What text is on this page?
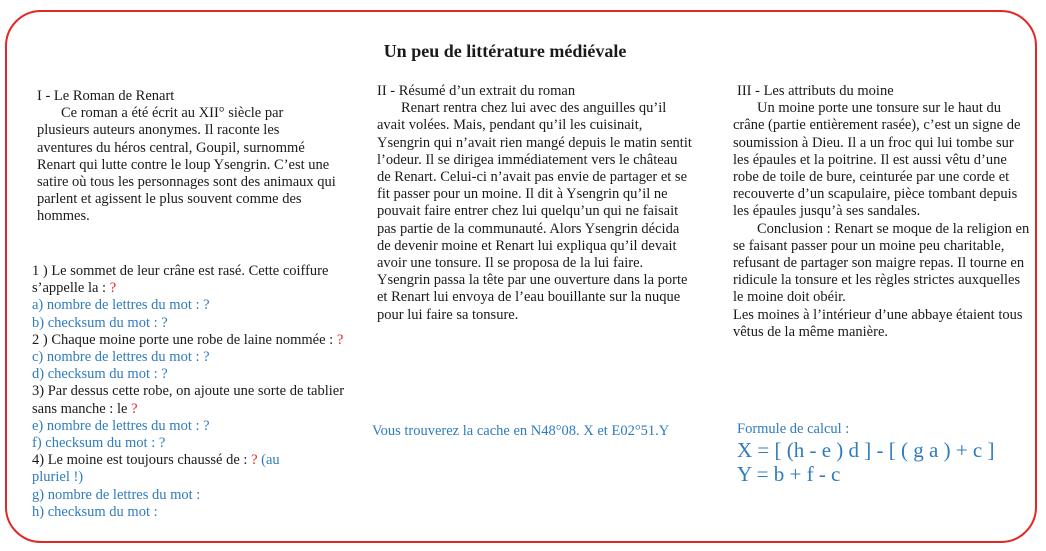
Un peu de littérature médiévale

I - Le Roman de Renart

Ce roman a été écrit au XII° siècle par plusieurs auteurs anonymes. Il raconte les aventures du héros central, Goupil, surnommé Renart qui lutte contre le loup Ysengrin. C’est une satire où tous les personnages sont des animaux qui parlent et agissent le plus souvent comme des hommes.

1 ) Le sommet de leur crâne est rasé. Cette coiffure s’appelle la : ?

a) nombre de lettres du mot : ?

b) checksum du mot : ?

2 ) Chaque moine porte une robe de laine nommée : ?

c) nombre de lettres du mot : ?

d) checksum du mot : ?

3) Par dessus cette robe, on ajoute une sorte de tablier sans manche : le ?

e) nombre de lettres du mot : ?

f) checksum du mot : ?

4) Le moine est toujours chaussé de : ? (au pluriel !)

g) nombre de lettres du mot :

h) checksum du mot :

II - Résumé d’un extrait du roman

Renart rentra chez lui avec des anguilles qu’il avait volées. Mais, pendant qu’il les cuisinait, Ysengrin qui n’avait rien mangé depuis le matin sentit l’odeur. Il se dirigea immédiatement vers le château de Renart. Celui-ci n’avait pas envie de partager et se fit passer pour un moine. Il dit à Ysengrin qu’il ne pouvait faire entrer chez lui quelqu’un qui ne faisait pas partie de la communauté. Alors Ysengrin décida de devenir moine et Renart lui expliqua qu’il devait avoir une tonsure. Il se proposa de la lui faire. Ysengrin passa la tête par une ouverture dans la porte et Renart lui envoya de l’eau bouillante sur la nuque pour lui faire sa tonsure.

Vous trouverez la cache en N48°08. X et E02°51.Y

III - Les attributs du moine

Un moine porte une tonsure sur le haut du crâne (partie entièrement rasée), c’est un signe de soumission à Dieu. Il a un froc qui lui tombe sur les épaules et la poitrine. Il est aussi vêtu d’une robe de toile de bure, ceinturée par une corde et recouverte d’un scapulaire, pièce tombant depuis les épaules jusqu’à ses sandales.

Conclusion : Renart se moque de la religion en se faisant passer pour un moine peu charitable, refusant de partager son maigre repas. Il tourne en ridicule la tonsure et les règles strictes auxquelles le moine doit obéir.

Les moines à l’intérieur d’une abbaye étaient tous vêtus de la même manière.

Formule de calcul :
X = [ (h - e ) d ] - [ ( g a ) + c ]
Y = b + f - c
